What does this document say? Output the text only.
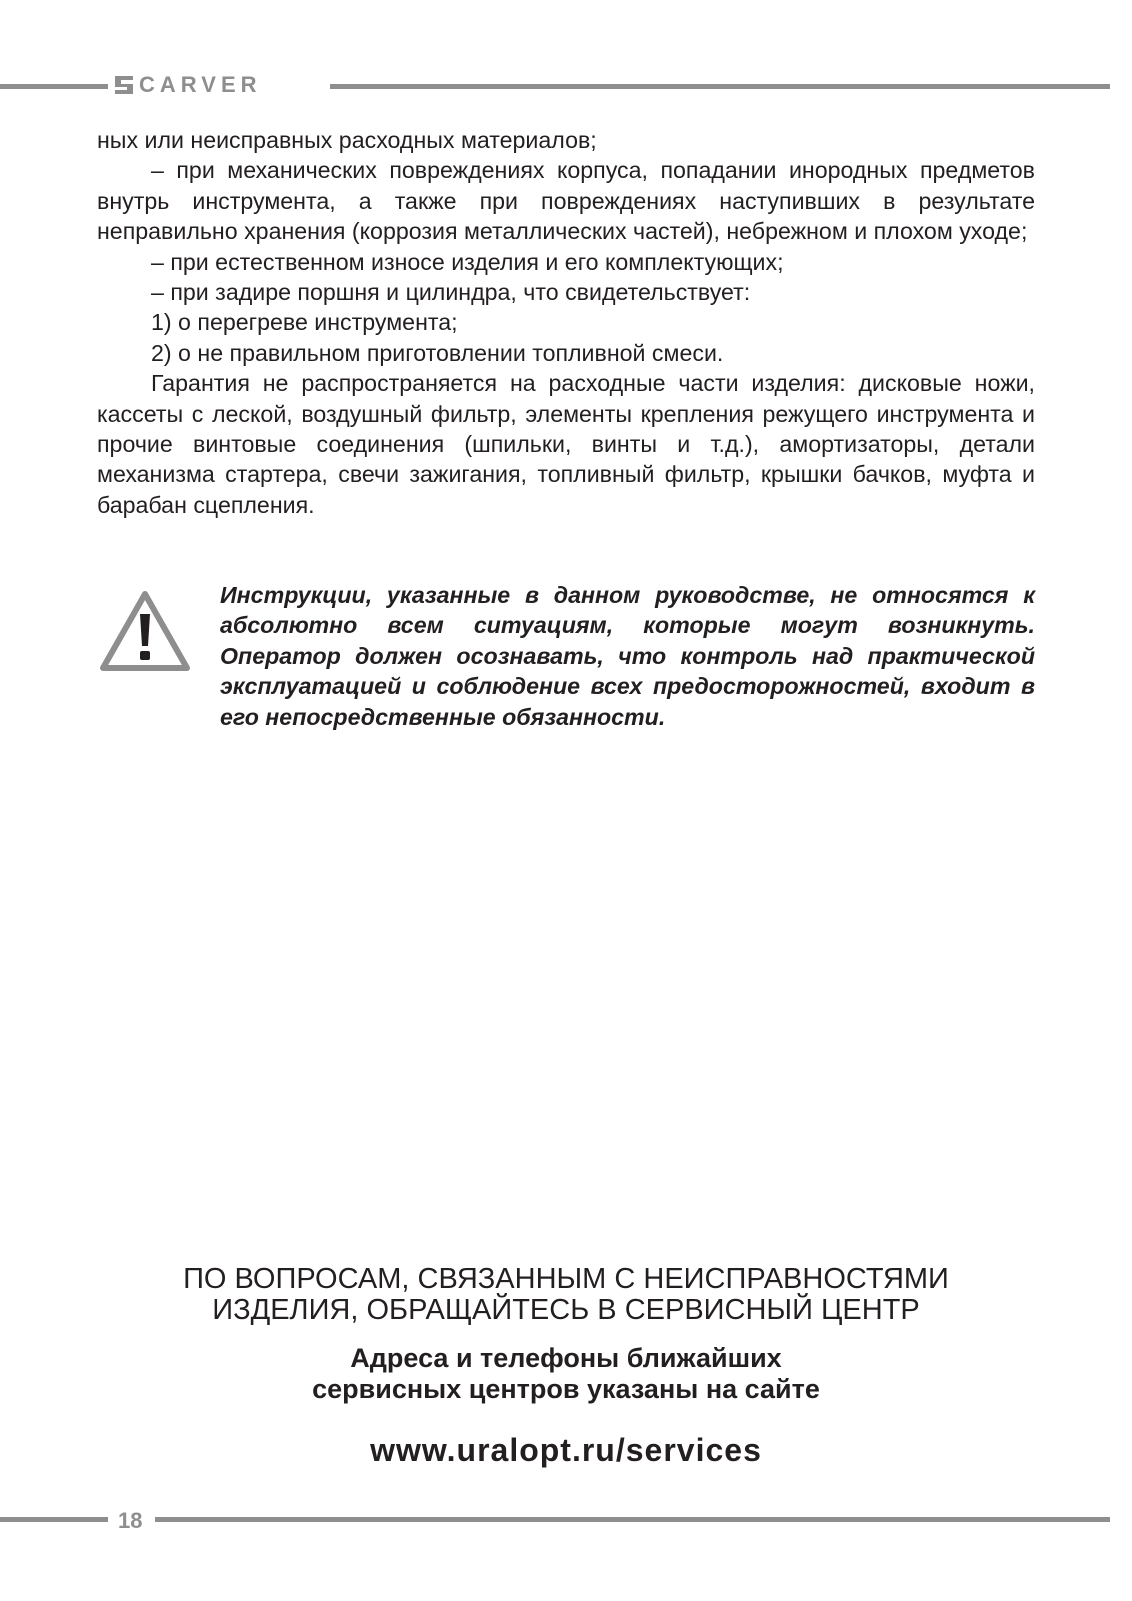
CARVER

ных или неисправных расходных материалов;

– при механических повреждениях корпуса, попадании инородных предметов внутрь инструмента, а также при повреждениях наступивших в результате неправильно хранения (коррозия металлических частей), небрежном и плохом уходе;

– при естественном износе изделия и его комплектующих;

– при задире поршня и цилиндра, что свидетельствует:

1) о перегреве инструмента;

2) о не правильном приготовлении топливной смеси.

Гарантия не распространяется на расходные части изделия: дисковые ножи, кассеты с леской, воздушный фильтр, элементы крепления режущего инструмента и прочие винтовые соединения (шпильки, винты и т.д.), амортизаторы, детали механизма стартера, свечи зажигания, топливный фильтр, крышки бачков, муфта и барабан сцепления.

Инструкции, указанные в данном руководстве, не относятся к абсолютно всем ситуациям, которые могут возникнуть. Оператор должен осознавать, что контроль над практической эксплуатацией и соблюдение всех предосторожностей, входит в его непосредственные обязанности.

ПО ВОПРОСАМ, СВЯЗАННЫМ С НЕИСПРАВНОСТЯМИ
ИЗДЕЛИЯ, ОБРАЩАЙТЕСЬ В СЕРВИСНЫЙ ЦЕНТР
Адреса и телефоны ближайших
сервисных центров указаны на сайте
www.uralopt.ru/services
18
